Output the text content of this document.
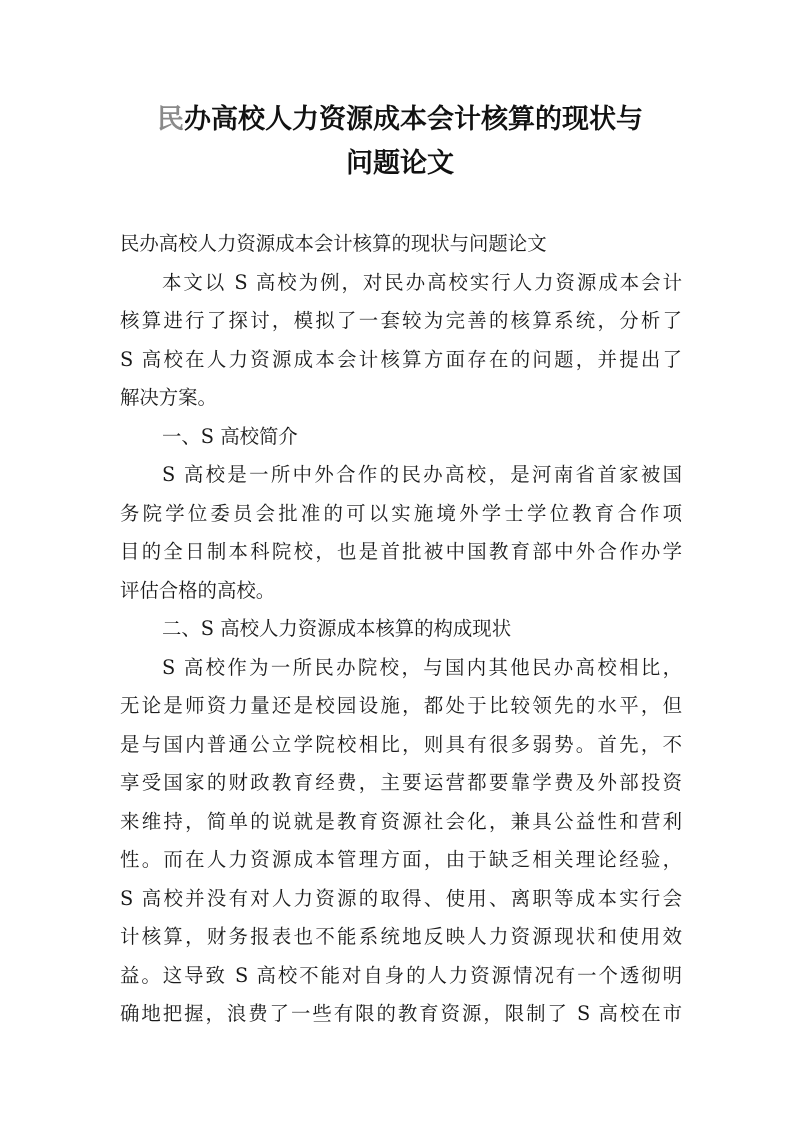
民办高校人力资源成本会计核算的现状与
问题论文
民办高校人力资源成本会计核算的现状与问题论文
本文以 S 高校为例，对民办高校实行人力资源成本会计
核算进行了探讨，模拟了一套较为完善的核算系统，分析了
S 高校在人力资源成本会计核算方面存在的问题，并提出了
解决方案。
一、S 高校简介
S 高校是一所中外合作的民办高校，是河南省首家被国
务院学位委员会批准的可以实施境外学士学位教育合作项
目的全日制本科院校，也是首批被中国教育部中外合作办学
评估合格的高校。
二、S 高校人力资源成本核算的构成现状
S 高校作为一所民办院校，与国内其他民办高校相比，
无论是师资力量还是校园设施，都处于比较领先的水平，但
是与国内普通公立学院校相比，则具有很多弱势。首先，不
享受国家的财政教育经费，主要运营都要靠学费及外部投资
来维持，简单的说就是教育资源社会化，兼具公益性和营利
性。而在人力资源成本管理方面，由于缺乏相关理论经验，
S 高校并没有对人力资源的取得、使用、离职等成本实行会
计核算，财务报表也不能系统地反映人力资源现状和使用效
益。这导致 S 高校不能对自身的人力资源情况有一个透彻明
确地把握，浪费了一些有限的教育资源，限制了 S 高校在市
